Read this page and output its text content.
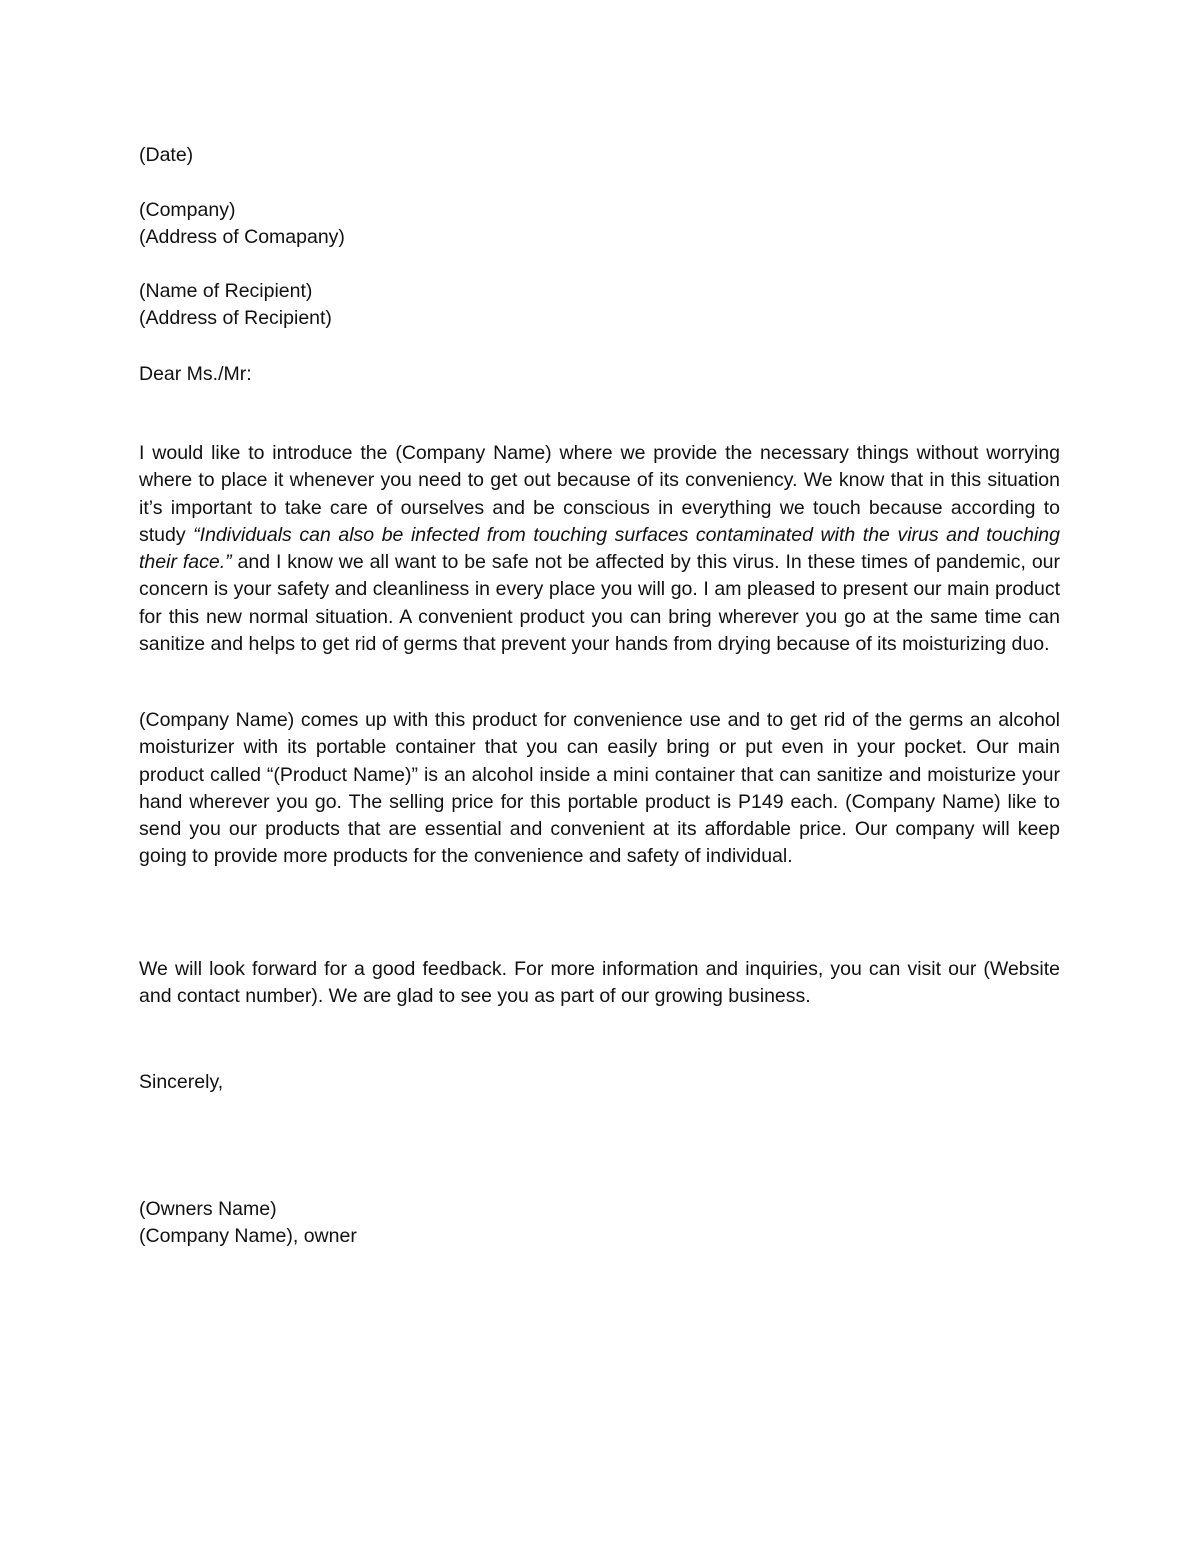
(Date)
(Company)
(Address of Comapany)
(Name of Recipient)
(Address of Recipient)
Dear Ms./Mr:

I would like to introduce the (Company Name) where we provide the necessary things without worrying where to place it whenever you need to get out because of its conveniency. We know that in this situation it’s important to take care of ourselves and be conscious in everything we touch because according to study “Individuals can also be infected from touching surfaces contaminated with the virus and touching their face.” and I know we all want to be safe not be affected by this virus. In these times of pandemic, our concern is your safety and cleanliness in every place you will go. I am pleased to present our main product for this new normal situation. A convenient product you can bring wherever you go at the same time can sanitize and helps to get rid of germs that prevent your hands from drying because of its moisturizing duo.

(Company Name) comes up with this product for convenience use and to get rid of the germs an alcohol moisturizer with its portable container that you can easily bring or put even in your pocket. Our main product called “(Product Name)” is an alcohol inside a mini container that can sanitize and moisturize your hand wherever you go. The selling price for this portable product is P149 each. (Company Name) like to send you our products that are essential and convenient at its affordable price. Our company will keep going to provide more products for the convenience and safety of individual.

We will look forward for a good feedback. For more information and inquiries, you can visit our (Website and contact number). We are glad to see you as part of our growing business.

Sincerely,
(Owners Name)
(Company Name), owner
